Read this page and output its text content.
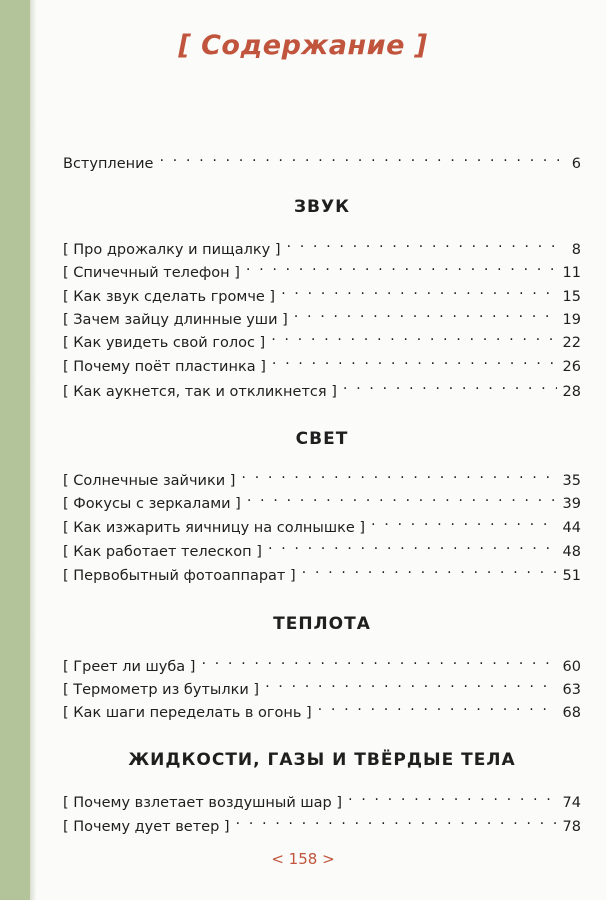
[ Содержание ]
Вступление . . .	6
ЗВУК
[ Про дрожалку и пищалку ] . . .	8
[ Спичечный телефон ] . . .	11
[ Как звук сделать громче ] . . .	15
[ Зачем зайцу длинные уши ] . . .	19
[ Как увидеть свой голос ] . . .	22
[ Почему поёт пластинка ] . . .	26
[ Как аукнется, так и откликнется ] . . .	28
СВЕТ
[ Солнечные зайчики ] . . .	35
[ Фокусы с зеркалами ] . . .	39
[ Как изжарить яичницу на солнышке ] . . .	44
[ Как работает телескоп ] . . .	48
[ Первобытный фотоаппарат ] . . .	51
ТЕПЛОТА
[ Греет ли шуба ] . . .	60
[ Термометр из бутылки ] . . .	63
[ Как шаги переделать в огонь ] . . .	68
ЖИДКОСТИ, ГАЗЫ И ТВЁРДЫЕ ТЕЛА
[ Почему взлетает воздушный шар ] . . .	74
[ Почему дует ветер ] . . .	78
< 158 >
